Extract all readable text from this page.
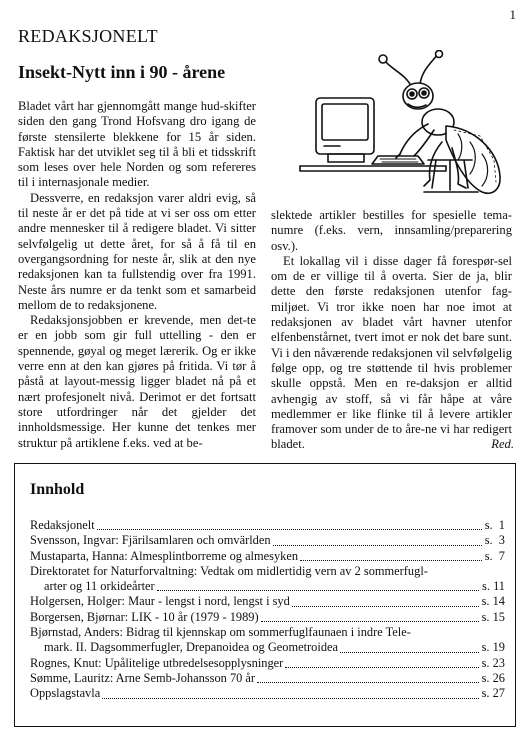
1
REDAKSJONELT
Insekt-Nytt inn i 90 - årene

Bladet vårt har gjennomgått mange hud-skifter siden den gang Trond Hofsvang dro igang de første stensilerte blekkene for 15 år siden. Faktisk har det utviklet seg til å bli et tidsskrift som leses over hele Norden og som refereres til i internasjonale medier.

Dessverre, en redaksjon varer aldri evig, så til neste år er det på tide at vi ser oss om etter andre mennesker til å redigere bladet. Vi sitter selvfølgelig ut dette året, for så å få til en overgangsordning for neste år, slik at den nye redaksjonen kan ta fullstendig over fra 1991. Neste års numre er da tenkt som et samarbeid mellom de to redaksjonene.

Redaksjonsjobben er krevende, men det-te er en jobb som gir full uttelling - den er spennende, gøyal og meget lærerik. Og er ikke verre enn at den kan gjøres på fritida. Vi tør å påstå at layout-messig ligger bladet nå på et nært profesjonelt nivå. Derimot er det fortsatt store utfordringer når det gjelder det innholdsmessige. Her kunne det tenkes mer struktur på artiklene f.eks. ved at be-

slektede artikler bestilles for spesielle tema-numre (f.eks. vern, innsamling/preparering osv.).

Et lokallag vil i disse dager få forespør-sel om de er villige til å overta. Sier de ja, blir dette den første redaksjonen utenfor fag-miljøet. Vi tror ikke noen har noe imot at redaksjonen av bladet vårt havner utenfor elfenbenstårnet, tvert imot er nok det bare sunt. Vi i den nåværende redaksjonen vil selvfølgelig følge opp, og tre støttende til hvis problemer skulle oppstå. Men en re-daksjon er alltid avhengig av stoff, så vi får håpe at våre medlemmer er like flinke til å levere artikler framover som under de to åre-ne vi har redigert bladet.	Red.
Innhold
Redaksjonelt	s.  1
Svensson, Ingvar: Fjärilsamlaren och omvärlden	s.  3
Mustaparta, Hanna: Almesplintborreme og almesyken	s.  7
Direktoratet for Naturforvaltning: Vedtak om midlertidig vern av 2 sommerfugl-
arter og 11 orkideårter	s. 11
Holgersen, Holger: Maur - lengst i nord, lengst i syd	s. 14
Borgersen, Bjørnar: LIK - 10 år (1979 - 1989)	s. 15
Bjørnstad, Anders: Bidrag til kjennskap om sommerfuglfaunaen i indre Tele-
mark. II. Dagsommerfugler, Drepanoidea og Geometroidea	s. 19
Rognes, Knut: Upålitelige utbredelsesopplysninger	s. 23
Sømme, Lauritz: Arne Semb-Johansson 70 år	s. 26
Oppslagstavla	s. 27
